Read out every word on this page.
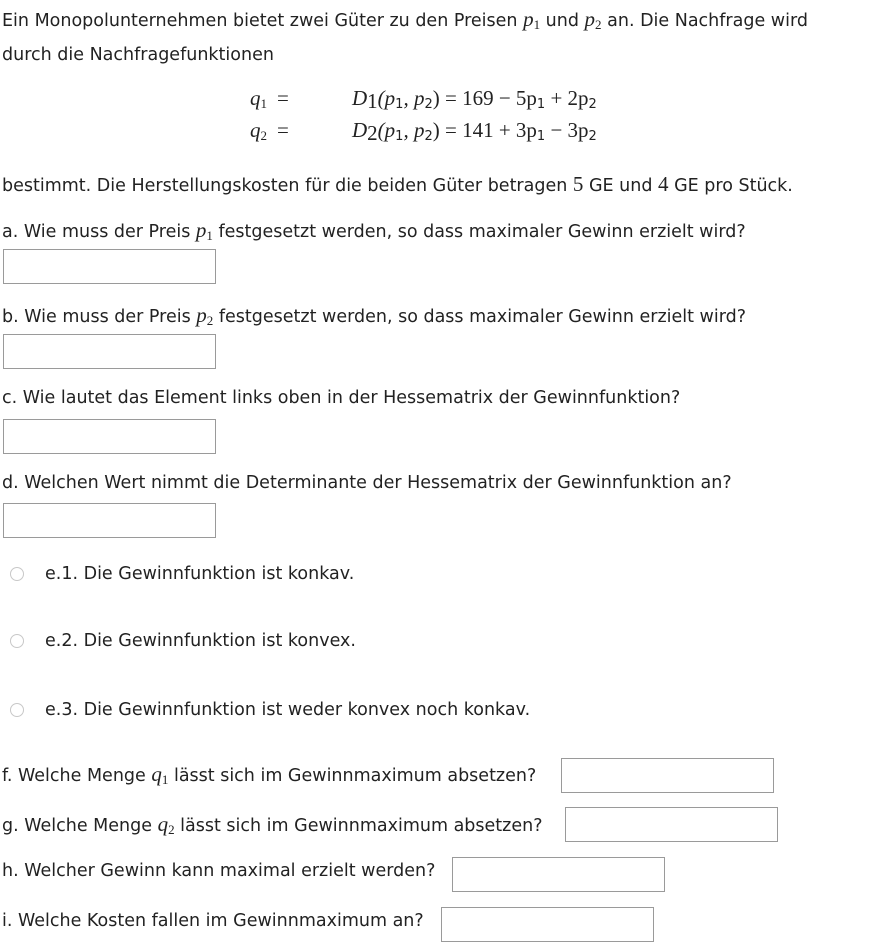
Ein Monopolunternehmen bietet zwei Güter zu den Preisen $p_1$ und $p_2$ an. Die Nachfrage wird durch die Nachfragefunktionen
$q_1$ =	$D_1(p_1$, $p_2) = 169 - 5p_1 + 2p_2$
$q_2$ =	$D_2(p_1$, $p_2) = 141 + 3p_1 - 3p_2$
bestimmt. Die Herstellungskosten für die beiden Güter betragen 5 GE und 4 GE pro Stück.
a. Wie muss der Preis $p_1$ festgesetzt werden, so dass maximaler Gewinn erzielt wird?
b. Wie muss der Preis $p_2$ festgesetzt werden, so dass maximaler Gewinn erzielt wird?
c. Wie lautet das Element links oben in der Hessematrix der Gewinnfunktion?
d. Welchen Wert nimmt die Determinante der Hessematrix der Gewinnfunktion an?
e.1. Die Gewinnfunktion ist konkav.
e.2. Die Gewinnfunktion ist konvex.
e.3. Die Gewinnfunktion ist weder konvex noch konkav.
f. Welche Menge $q_1$ lässt sich im Gewinnmaximum absetzen?
g. Welche Menge $q_2$ lässt sich im Gewinnmaximum absetzen?
h. Welcher Gewinn kann maximal erzielt werden?
i. Welche Kosten fallen im Gewinnmaximum an?
